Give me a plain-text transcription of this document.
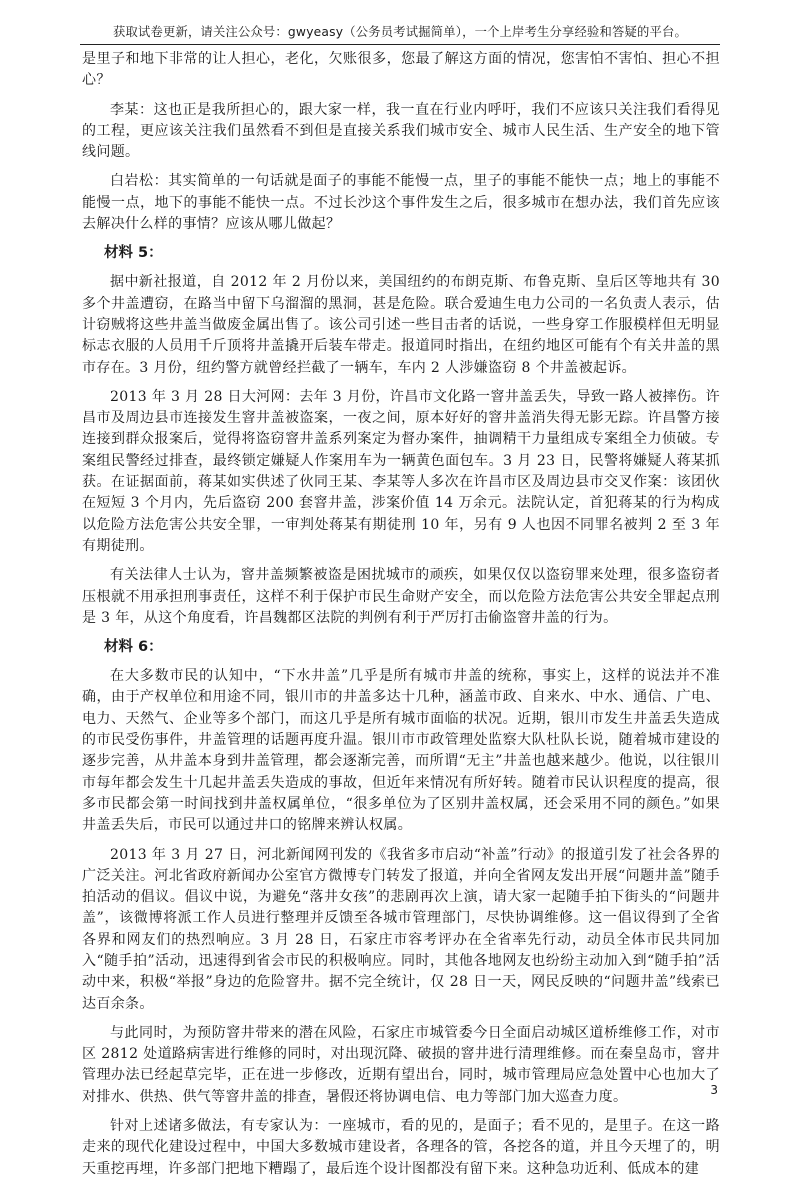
获取试卷更新，请关注公众号：gwyeasy（公务员考试掘简单），一个上岸考生分享经验和答疑的平台。

是里子和地下非常的让人担心，老化，欠账很多，您最了解这方面的情况，您害怕不害怕、担心不担心？

李某：这也正是我所担心的，跟大家一样，我一直在行业内呼吁，我们不应该只关注我们看得见的工程，更应该关注我们虽然看不到但是直接关系我们城市安全、城市人民生活、生产安全的地下管线问题。

白岩松：其实简单的一句话就是面子的事能不能慢一点，里子的事能不能快一点；地上的事能不能慢一点，地下的事能不能快一点。不过长沙这个事件发生之后，很多城市在想办法，我们首先应该去解决什么样的事情？应该从哪儿做起？

材料 5：

据中新社报道，自 2012 年 2 月份以来，美国纽约的布朗克斯、布鲁克斯、皇后区等地共有 30 多个井盖遭窃，在路当中留下乌溜溜的黑洞，甚是危险。联合爱迪生电力公司的一名负责人表示，估计窃贼将这些井盖当做废金属出售了。该公司引述一些目击者的话说，一些身穿工作服模样但无明显标志衣服的人员用千斤顶将井盖撬开后装车带走。报道同时指出，在纽约地区可能有个有关井盖的黑市存在。3 月份，纽约警方就曾经拦截了一辆车，车内 2 人涉嫌盗窃 8 个井盖被起诉。

2013 年 3 月 28 日大河网：去年 3 月份，许昌市文化路一窨井盖丢失，导致一路人被摔伤。许昌市及周边县市连接发生窨井盖被盗案，一夜之间，原本好好的窨井盖消失得无影无踪。许昌警方接连接到群众报案后，觉得将盗窃窨井盖系列案定为督办案件，抽调精干力量组成专案组全力侦破。专案组民警经过排查，最终锁定嫌疑人作案用车为一辆黄色面包车。3 月 23 日，民警将嫌疑人蒋某抓获。在证据面前，蒋某如实供述了伙同王某、李某等人多次在许昌市区及周边县市交叉作案：该团伙在短短 3 个月内，先后盗窃 200 套窨井盖，涉案价值 14 万余元。法院认定，首犯蒋某的行为构成以危险方法危害公共安全罪，一审判处蒋某有期徒刑 10 年，另有 9 人也因不同罪名被判 2 至 3 年有期徒刑。

有关法律人士认为，窨井盖频繁被盗是困扰城市的顽疾，如果仅仅以盗窃罪来处理，很多盗窃者压根就不用承担刑事责任，这样不利于保护市民生命财产安全，而以危险方法危害公共安全罪起点刑是 3 年，从这个角度看，许昌魏都区法院的判例有利于严厉打击偷盗窨井盖的行为。

材料 6：

在大多数市民的认知中，“下水井盖”几乎是所有城市井盖的统称，事实上，这样的说法并不准确，由于产权单位和用途不同，银川市的井盖多达十几种，涵盖市政、自来水、中水、通信、广电、电力、天然气、企业等多个部门，而这几乎是所有城市面临的状况。近期，银川市发生井盖丢失造成的市民受伤事件，井盖管理的话题再度升温。银川市市政管理处监察大队杜队长说，随着城市建设的逐步完善，从井盖本身到井盖管理，都会逐渐完善，而所谓“无主”井盖也越来越少。他说，以往银川市每年都会发生十几起井盖丢失造成的事故，但近年来情况有所好转。随着市民认识程度的提高，很多市民都会第一时间找到井盖权属单位，“很多单位为了区别井盖权属，还会采用不同的颜色。”如果井盖丢失后，市民可以通过井口的铭牌来辨认权属。

2013 年 3 月 27 日，河北新闻网刊发的《我省多市启动“补盖”行动》的报道引发了社会各界的广泛关注。河北省政府新闻办公室官方微博专门转发了报道，并向全省网友发出开展“问题井盖”随手拍活动的倡议。倡议中说，为避免“落井女孩”的悲剧再次上演，请大家一起随手拍下街头的“问题井盖”，该微博将派工作人员进行整理并反馈至各城市管理部门，尽快协调维修。这一倡议得到了全省各界和网友们的热烈响应。3 月 28 日，石家庄市容考评办在全省率先行动，动员全体市民共同加入“随手拍”活动，迅速得到省会市民的积极响应。同时，其他各地网友也纷纷主动加入到“随手拍”活动中来，积极“举报”身边的危险窨井。据不完全统计，仅 28 日一天，网民反映的“问题井盖”线索已达百余条。

与此同时，为预防窨井带来的潜在风险，石家庄市城管委今日全面启动城区道桥维修工作，对市区 2812 处道路病害进行维修的同时，对出现沉降、破损的窨井进行清理维修。而在秦皇岛市，窨井管理办法已经起草完毕，正在进一步修改，近期有望出台，同时，城市管理局应急处置中心也加大了对排水、供热、供气等窨井盖的排查，暑假还将协调电信、电力等部门加大巡查力度。

针对上述诸多做法，有专家认为：一座城市，看的见的，是面子；看不见的，是里子。在这一路走来的现代化建设过程中，中国大多数城市建设者，各理各的管，各挖各的道，并且今天埋了的，明天重挖再埋，许多部门把地下糟蹋了，最后连个设计图都没有留下来。这种急功近利、低成本的建

3
